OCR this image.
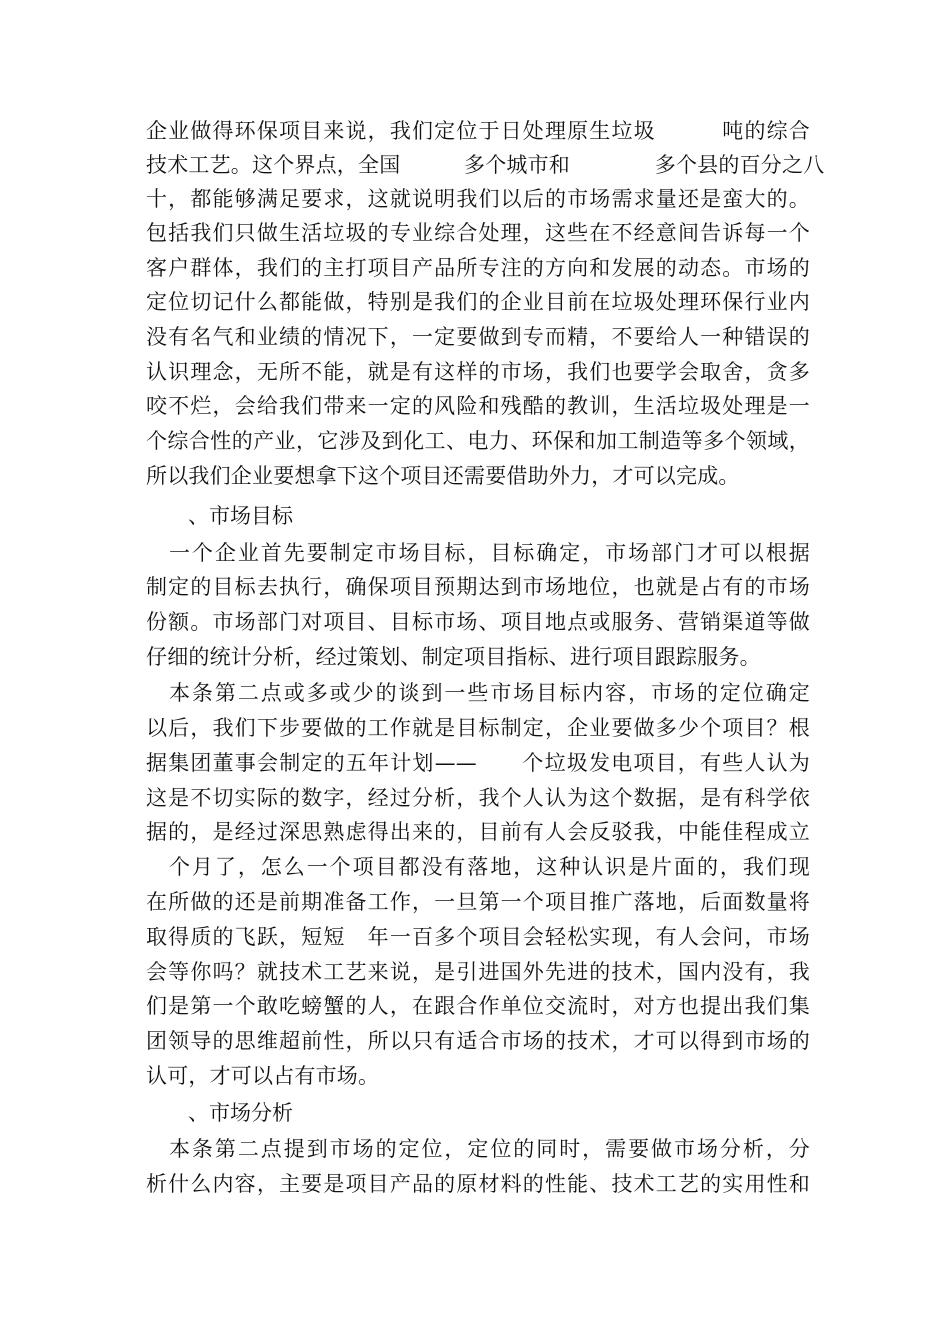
企业做得环保项目来说，我们定位于日处理原生垃圾　　　吨的综合
技术工艺。这个界点，全国　　　多个城市和　　　　多个县的百分之八
十，都能够满足要求，这就说明我们以后的市场需求量还是蛮大的。
包括我们只做生活垃圾的专业综合处理，这些在不经意间告诉每一个
客户群体，我们的主打项目产品所专注的方向和发展的动态。市场的
定位切记什么都能做，特别是我们的企业目前在垃圾处理环保行业内
没有名气和业绩的情况下，一定要做到专而精，不要给人一种错误的
认识理念，无所不能，就是有这样的市场，我们也要学会取舍，贪多
咬不烂，会给我们带来一定的风险和残酷的教训，生活垃圾处理是一
个综合性的产业，它涉及到化工、电力、环保和加工制造等多个领域，
所以我们企业要想拿下这个项目还需要借助外力，才可以完成。
、市场目标
　一个企业首先要制定市场目标，目标确定，市场部门才可以根据
制定的目标去执行，确保项目预期达到市场地位，也就是占有的市场
份额。市场部门对项目、目标市场、项目地点或服务、营销渠道等做
仔细的统计分析，经过策划、制定项目指标、进行项目跟踪服务。
　本条第二点或多或少的谈到一些市场目标内容，市场的定位确定
以后，我们下步要做的工作就是目标制定，企业要做多少个项目？根
据集团董事会制定的五年计划——　　个垃圾发电项目，有些人认为
这是不切实际的数字，经过分析，我个人认为这个数据，是有科学依
据的，是经过深思熟虑得出来的，目前有人会反驳我，中能佳程成立
　个月了，怎么一个项目都没有落地，这种认识是片面的，我们现
在所做的还是前期准备工作，一旦第一个项目推广落地，后面数量将
取得质的飞跃，短短　年一百多个项目会轻松实现，有人会问，市场
会等你吗？就技术工艺来说，是引进国外先进的技术，国内没有，我
们是第一个敢吃螃蟹的人，在跟合作单位交流时，对方也提出我们集
团领导的思维超前性，所以只有适合市场的技术，才可以得到市场的
认可，才可以占有市场。
、市场分析
　本条第二点提到市场的定位，定位的同时，需要做市场分析，分
析什么内容，主要是项目产品的原材料的性能、技术工艺的实用性和
